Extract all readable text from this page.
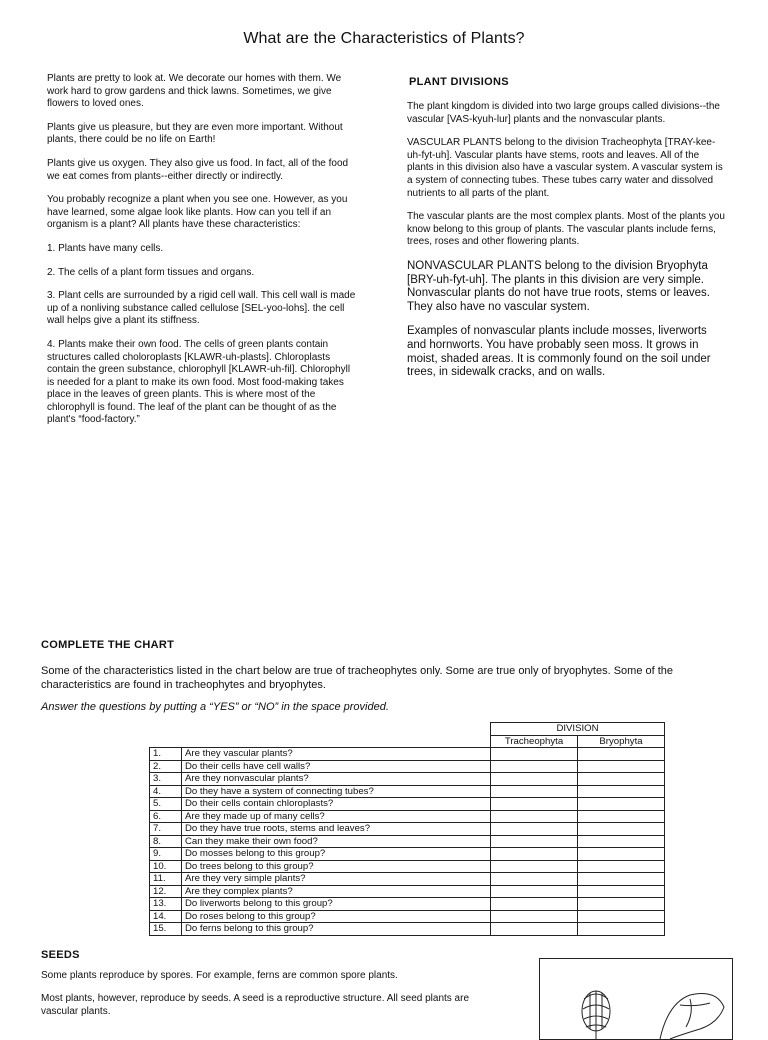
What are the Characteristics of Plants?

Plants are pretty to look at. We decorate our homes with them. We work hard to grow gardens and thick lawns. Sometimes, we give flowers to loved ones.

Plants give us pleasure, but they are even more important. Without plants, there could be no life on Earth!

Plants give us oxygen. They also give us food. In fact, all of the food we eat comes from plants--either directly or indirectly.

You probably recognize a plant when you see one. However, as you have learned, some algae look like plants. How can you tell if an organism is a plant? All plants have these characteristics:

1. Plants have many cells.

2. The cells of a plant form tissues and organs.

3. Plant cells are surrounded by a rigid cell wall. This cell wall is made up of a nonliving substance called cellulose [SEL-yoo-lohs]. the cell wall helps give a plant its stiffness.

4. Plants make their own food. The cells of green plants contain structures called choloroplasts [KLAWR-uh-plasts]. Chloroplasts contain the green substance, chlorophyll [KLAWR-uh-fil]. Chlorophyll is needed for a plant to make its own food. Most food-making takes place in the leaves of green plants. This is where most of the chlorophyll is found. The leaf of the plant can be thought of as the plant's “food-factory.”

PLANT DIVISIONS

The plant kingdom is divided into two large groups called divisions--the vascular [VAS-kyuh-lur] plants and the nonvascular plants.

VASCULAR PLANTS belong to the division Tracheophyta [TRAY-kee-uh-fyt-uh]. Vascular plants have stems, roots and leaves. All of the plants in this division also have a vascular system. A vascular system is a system of connecting tubes. These tubes carry water and dissolved nutrients to all parts of the plant.

The vascular plants are the most complex plants. Most of the plants you know belong to this group of plants. The vascular plants include ferns, trees, roses and other flowering plants.

NONVASCULAR PLANTS belong to the division Bryophyta [BRY-uh-fyt-uh]. The plants in this division are very simple. Nonvascular plants do not have true roots, stems or leaves. They also have no vascular system.

Examples of nonvascular plants include mosses, liverworts and hornworts. You have probably seen moss. It grows in moist, shaded areas. It is commonly found on the soil under trees, in sidewalk cracks, and on walls.

COMPLETE THE CHART
Some of the characteristics listed in the chart below are true of tracheophytes only. Some are true only of bryophytes. Some of the characteristics are found in tracheophytes and bryophytes.
Answer the questions by putting a “YES” or “NO” in the space provided.
		DIVISION	
		Tracheophyta	Bryophyta
1.	Are they vascular plants?		
2.	Do their cells have cell walls?		
3.	Are they nonvascular plants?		
4.	Do they have a system of connecting tubes?		
5.	Do their cells contain chloroplasts?		
6.	Are they made up of many cells?		
7.	Do they have true roots, stems and leaves?		
8.	Can they make their own food?		
9.	Do mosses belong to this group?		
10.	Do trees belong to this group?		
11.	Are they very simple plants?		
12.	Are they complex plants?		
13.	Do liverworts belong to this group?		
14.	Do roses belong to this group?		
15.	Do ferns belong to this group?		
SEEDS
Some plants reproduce by spores. For example, ferns are common spore plants.
Most plants, however, reproduce by seeds. A seed is a reproductive structure. All seed plants are vascular plants.
